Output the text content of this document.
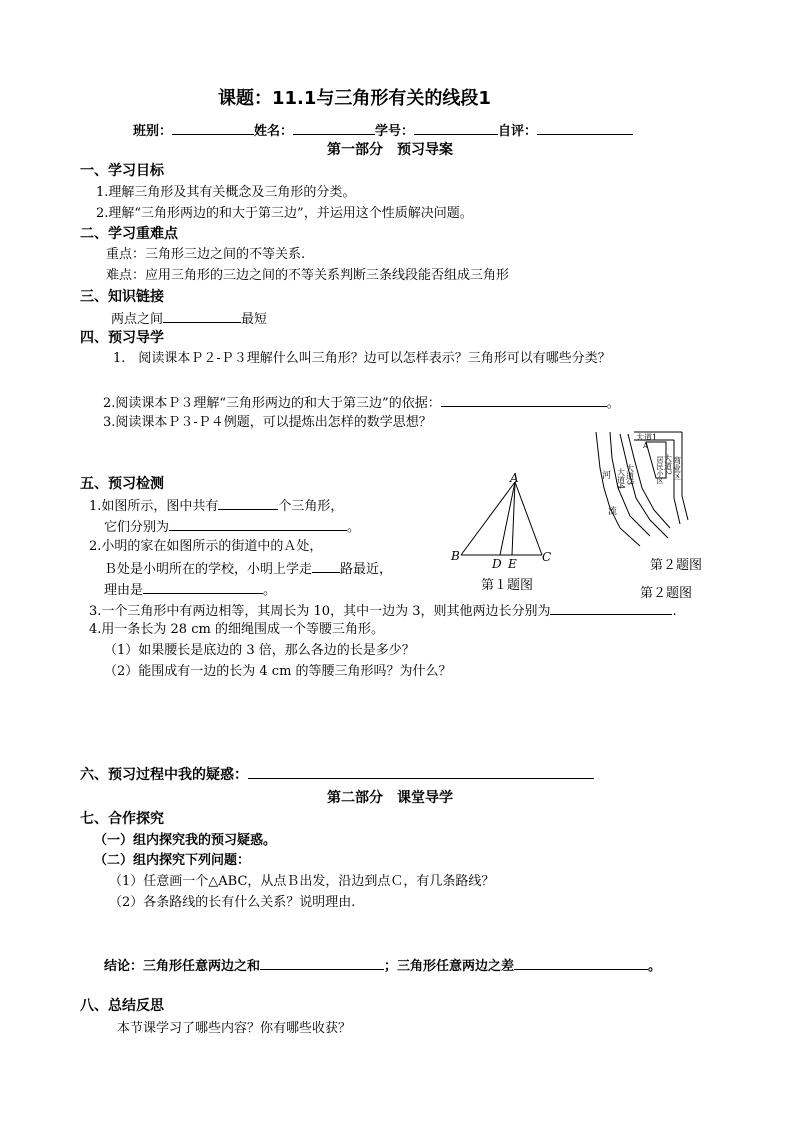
课题：11.1与三角形有关的线段1
班别：	姓名：	学号：	自评：
第一部分　预习导案
一、学习目标
1.理解三角形及其有关概念及三角形的分类。
2.理解“三角形两边的和大于第三边”，并运用这个性质解决问题。
二、学习重难点
重点：三角形三边之间的不等关系.
难点：应用三角形的三边之间的不等关系判断三条线段能否组成三角形
三、知识链接
两点之间	最短
四、预习导学
1.　阅读课本Ｐ２-Ｐ３理解什么叫三角形？边可以怎样表示？三角形可以有哪些分类？
2.阅读课本Ｐ３理解“三角形两边的和大于第三边”的依据：	。
3.阅读课本Ｐ３-Ｐ４例题，可以提炼出怎样的数学思想？
五、预习检测
1.如图所示，图中共有	个三角形，
它们分别为	。
2.小明的家在如图所示的街道中的Ａ处，
Ｂ处是小明所在的学校，小明上学走 路最近，
理由是	。
3.一个三角形中有两边相等，其周长为 10，其中一边为 3，则其他两边长分别为	.
4.用一条长为 28 cm 的细绳围成一个等腰三角形。
（1）如果腰长是底边的 3 倍，那么各边的长是多少？
（2）能围成有一边的长为 4 cm 的等腰三角形吗？为什么？
A
B
D E C
第１题图
大道1
大道3
大道4	居民小区 大道2 商业区
河
流
A
第２题图
第２题图
六、预习过程中我的疑惑：
第二部分　课堂导学
七、合作探究
（一）组内探究我的预习疑惑。
（二）组内探究下列问题：
（1）任意画一个△ABC，从点Ｂ出发，沿边到点Ｃ，有几条路线？
（2）各条路线的长有什么关系？说明理由.
结论：三角形任意两边之和	；三角形任意两边之差	。
八、总结反思
本节课学习了哪些内容？你有哪些收获？
